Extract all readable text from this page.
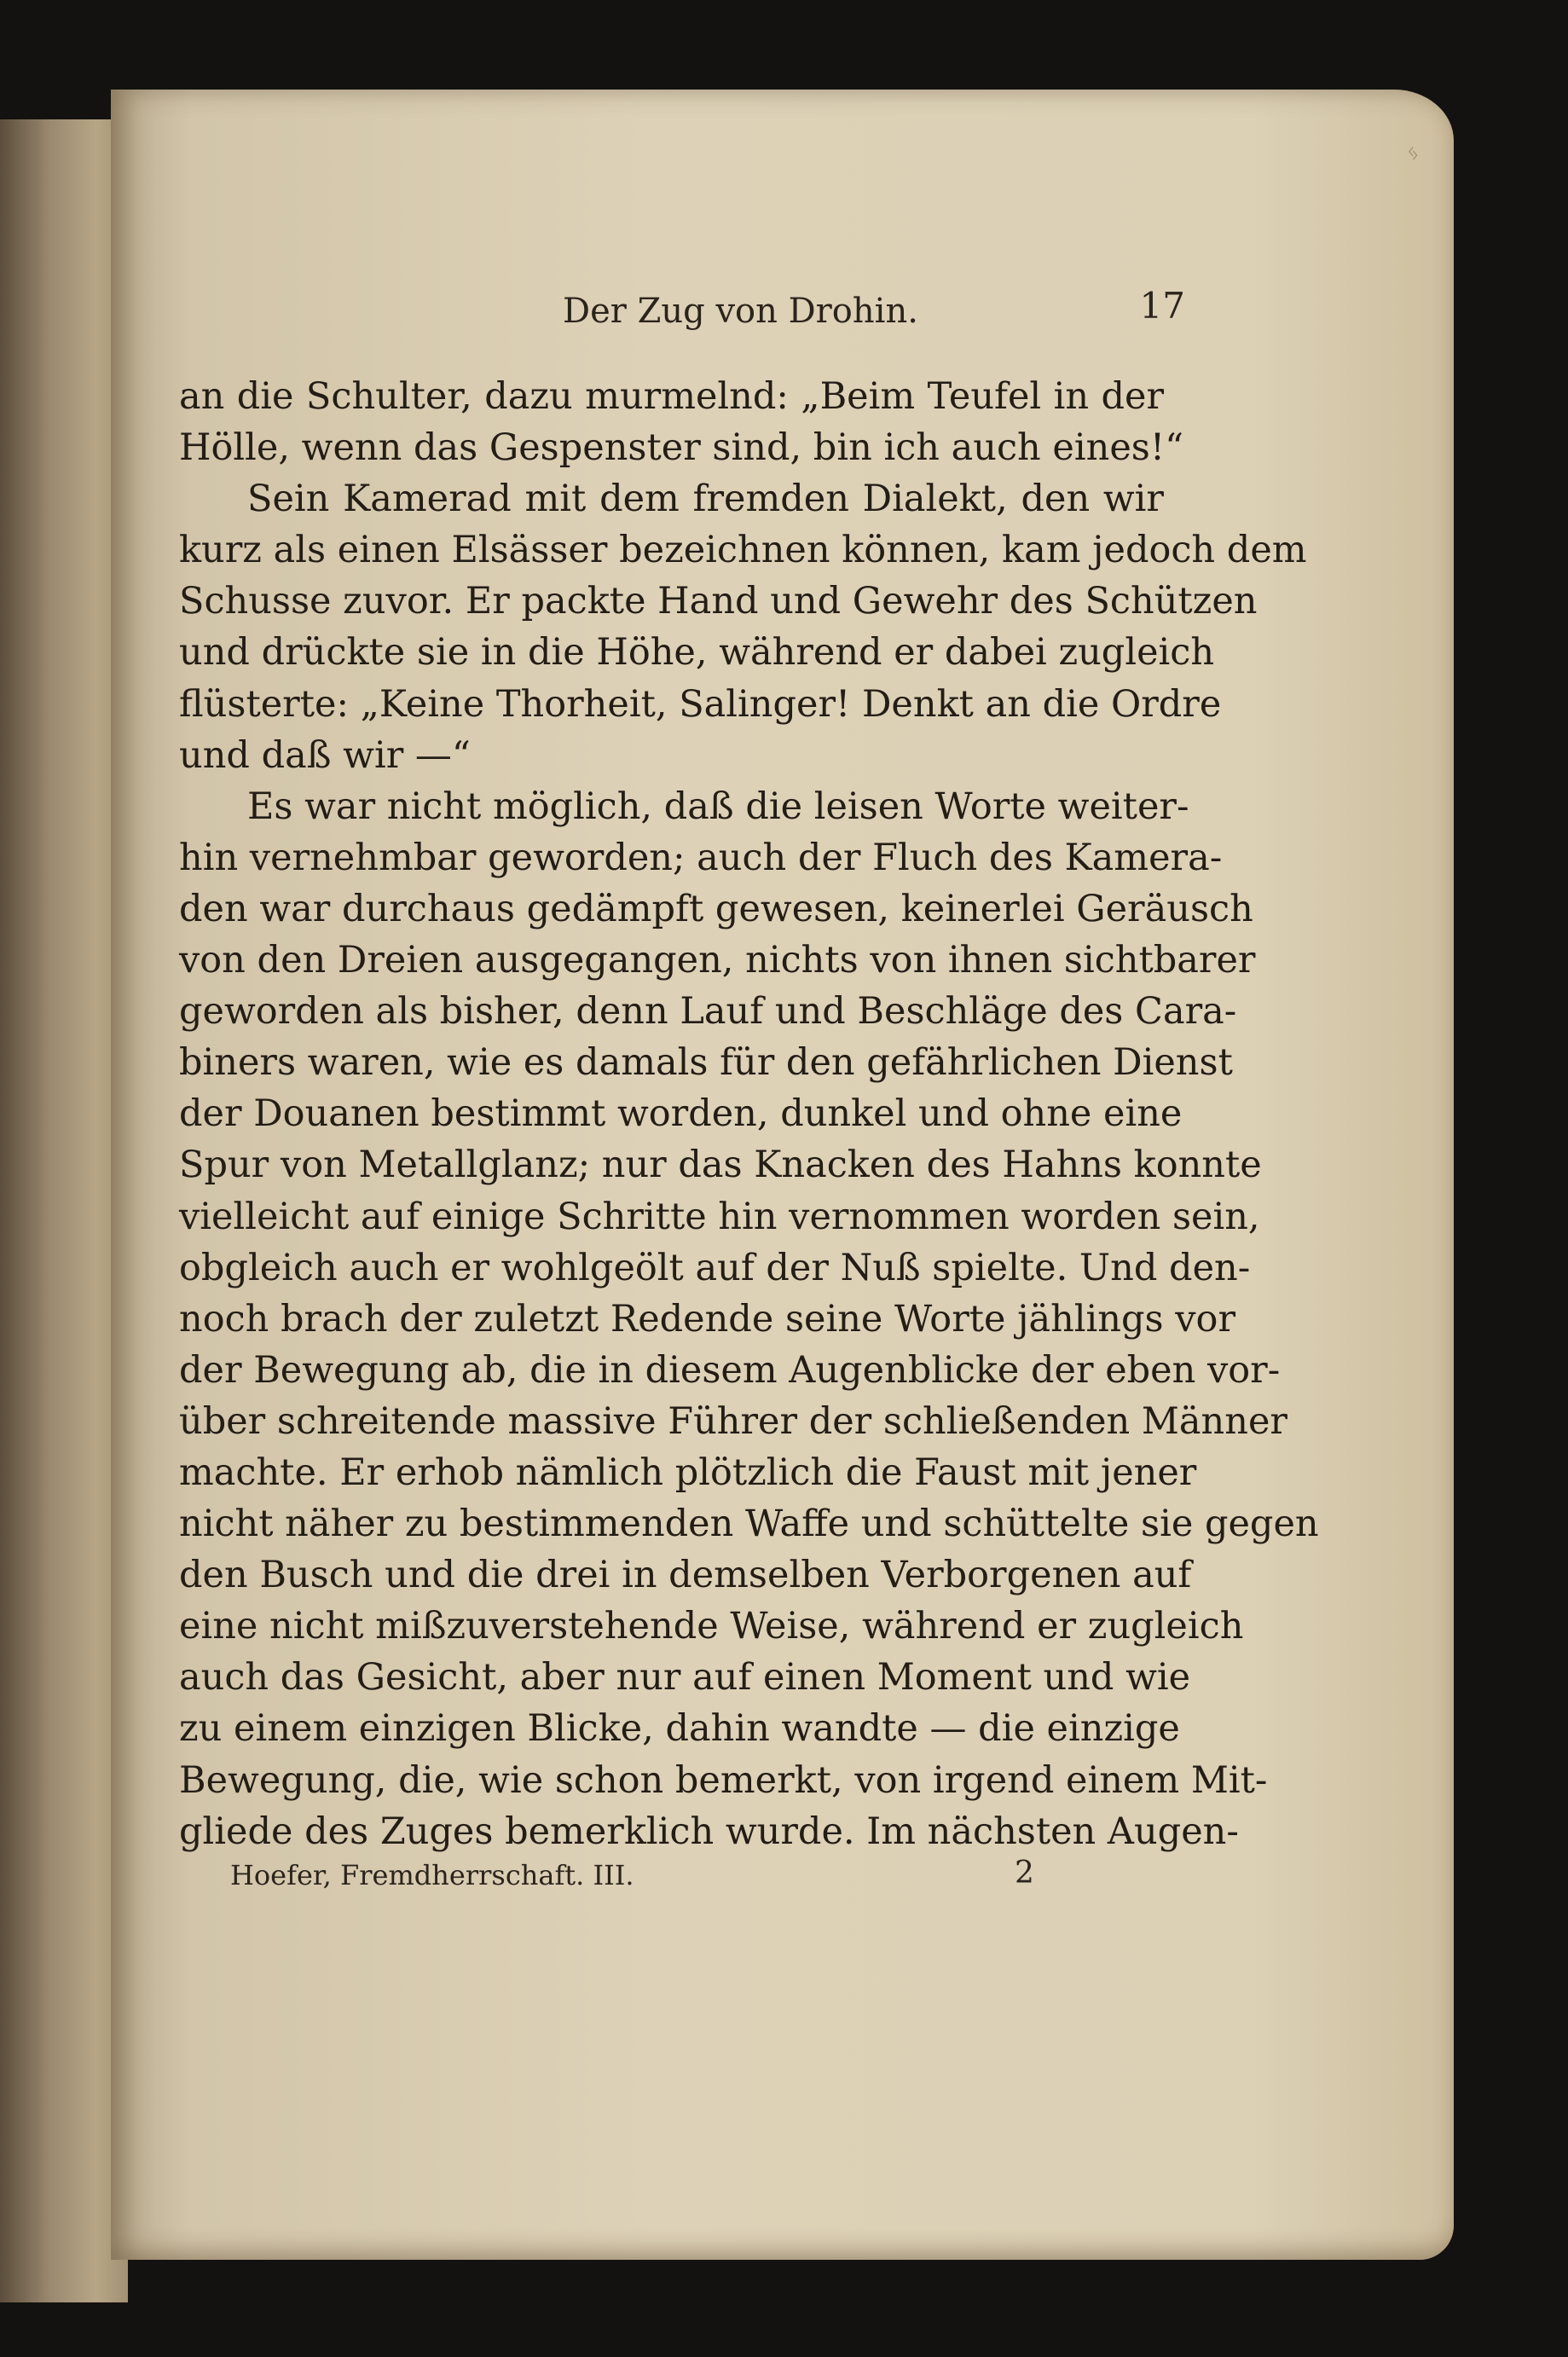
ᛃ
Der Zug von Drohin.	17
an die Schulter, dazu murmelnd: „Beim Teufel in der
Hölle, wenn das Gespenster sind, bin ich auch eines!“
Sein Kamerad mit dem fremden Dialekt, den wir
kurz als einen Elsässer bezeichnen können, kam jedoch dem
Schusse zuvor. Er packte Hand und Gewehr des Schützen
und drückte sie in die Höhe, während er dabei zugleich
flüsterte: „Keine Thorheit, Salinger! Denkt an die Ordre
und daß wir —“
Es war nicht möglich, daß die leisen Worte weiter-
hin vernehmbar geworden; auch der Fluch des Kamera-
den war durchaus gedämpft gewesen, keinerlei Geräusch
von den Dreien ausgegangen, nichts von ihnen sichtbarer
geworden als bisher, denn Lauf und Beschläge des Cara-
biners waren, wie es damals für den gefährlichen Dienst
der Douanen bestimmt worden, dunkel und ohne eine
Spur von Metallglanz; nur das Knacken des Hahns konnte
vielleicht auf einige Schritte hin vernommen worden sein,
obgleich auch er wohlgeölt auf der Nuß spielte. Und den-
noch brach der zuletzt Redende seine Worte jählings vor
der Bewegung ab, die in diesem Augenblicke der eben vor-
über schreitende massive Führer der schließenden Männer
machte. Er erhob nämlich plötzlich die Faust mit jener
nicht näher zu bestimmenden Waffe und schüttelte sie gegen
den Busch und die drei in demselben Verborgenen auf
eine nicht mißzuverstehende Weise, während er zugleich
auch das Gesicht, aber nur auf einen Moment und wie
zu einem einzigen Blicke, dahin wandte — die einzige
Bewegung, die, wie schon bemerkt, von irgend einem Mit-
gliede des Zuges bemerklich wurde. Im nächsten Augen-
Hoefer, Fremdherrschaft. III.	2
